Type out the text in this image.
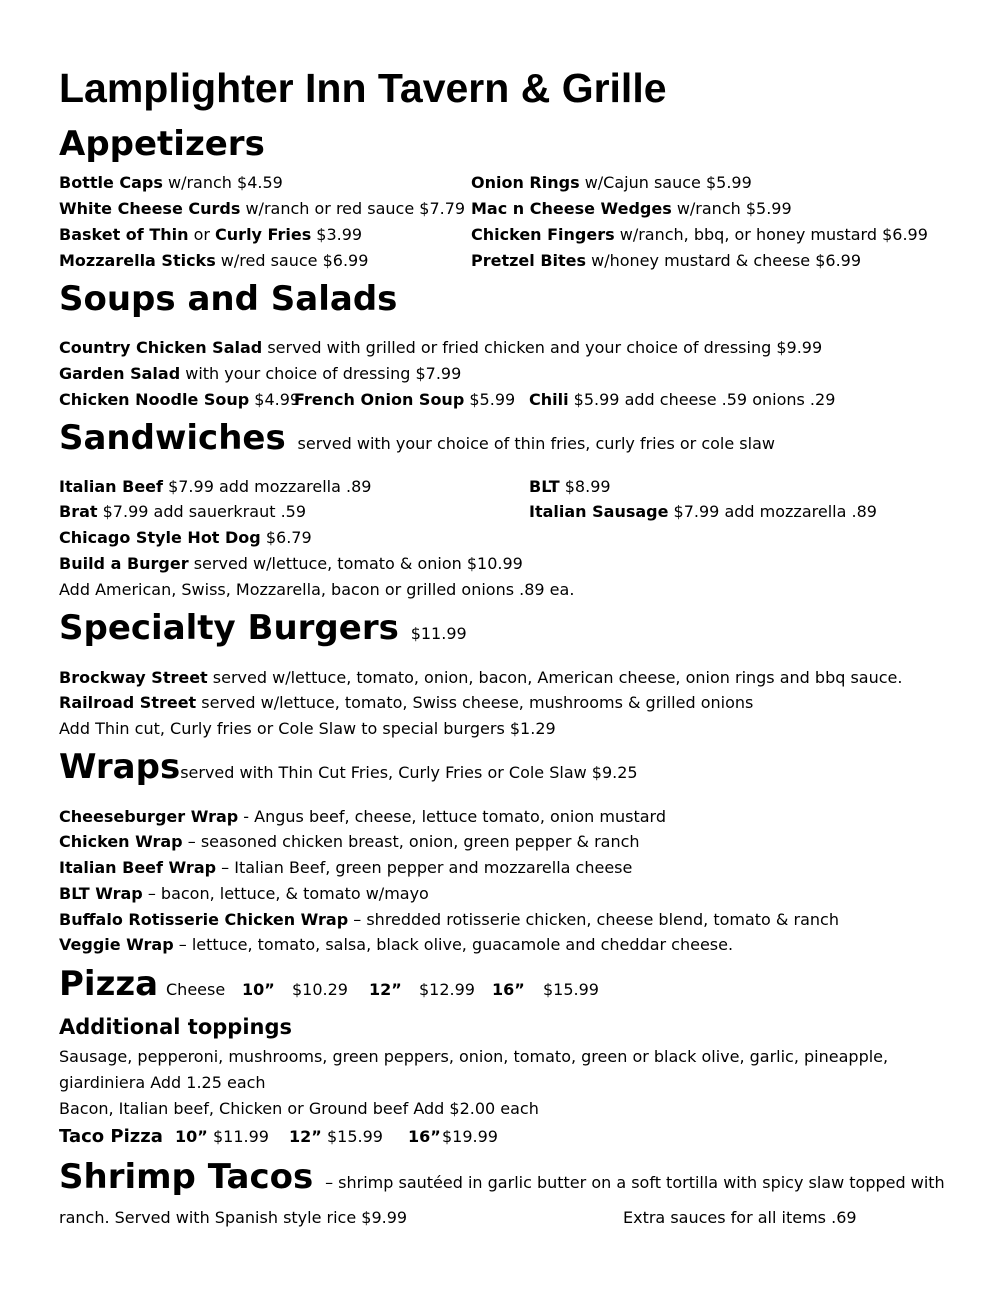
Lamplighter Inn Tavern & Grille
Appetizers
Bottle Caps w/ranch $4.59
White Cheese Curds w/ranch or red sauce $7.79
Basket of Thin or Curly Fries $3.99
Mozzarella Sticks w/red sauce $6.99
Onion Rings w/Cajun sauce $5.99
Mac n Cheese Wedges w/ranch $5.99
Chicken Fingers w/ranch, bbq, or honey mustard $6.99
Pretzel Bites w/honey mustard & cheese $6.99
Soups and Salads
Country Chicken Salad served with grilled or fried chicken and your choice of dressing $9.99
Garden Salad with your choice of dressing $7.99
Chicken Noodle Soup $4.99
French Onion Soup $5.99 Chili $5.99 add cheese .59 onions .29
Sandwiches served with your choice of thin fries, curly fries or cole slaw
Italian Beef $7.99 add mozzarella .89	BLT $8.99
Brat $7.99 add sauerkraut .59	Italian Sausage $7.99 add mozzarella .89
Chicago Style Hot Dog $6.79
Build a Burger served w/lettuce, tomato & onion $10.99
Add American, Swiss, Mozzarella, bacon or grilled onions .89 ea.
Specialty Burgers $11.99
Brockway Street served w/lettuce, tomato, onion, bacon, American cheese, onion rings and bbq sauce.
Railroad Street served w/lettuce, tomato, Swiss cheese, mushrooms & grilled onions
Add Thin cut, Curly fries or Cole Slaw to special burgers $1.29
Wrapsserved with Thin Cut Fries, Curly Fries or Cole Slaw $9.25
Cheeseburger Wrap - Angus beef, cheese, lettuce tomato, onion mustard
Chicken Wrap – seasoned chicken breast, onion, green pepper & ranch
Italian Beef Wrap – Italian Beef, green pepper and mozzarella cheese
BLT Wrap – bacon, lettuce, & tomato w/mayo
Buffalo Rotisserie Chicken Wrap – shredded rotisserie chicken, cheese blend, tomato & ranch
Veggie Wrap – lettuce, tomato, salsa, black olive, guacamole and cheddar cheese.
Pizza Cheese 10” $10.29 12” $12.99 16” $15.99
Additional toppings
Sausage, pepperoni, mushrooms, green peppers, onion, tomato, green or black olive, garlic, pineapple,
giardiniera Add 1.25 each
Bacon, Italian beef, Chicken or Ground beef Add $2.00 each
Taco Pizza 10” $11.99 12” $15.99 16” $19.99
Shrimp Tacos – shrimp sautéed in garlic butter on a soft tortilla with spicy slaw topped with
ranch. Served with Spanish style rice $9.99	Extra sauces for all items .69
